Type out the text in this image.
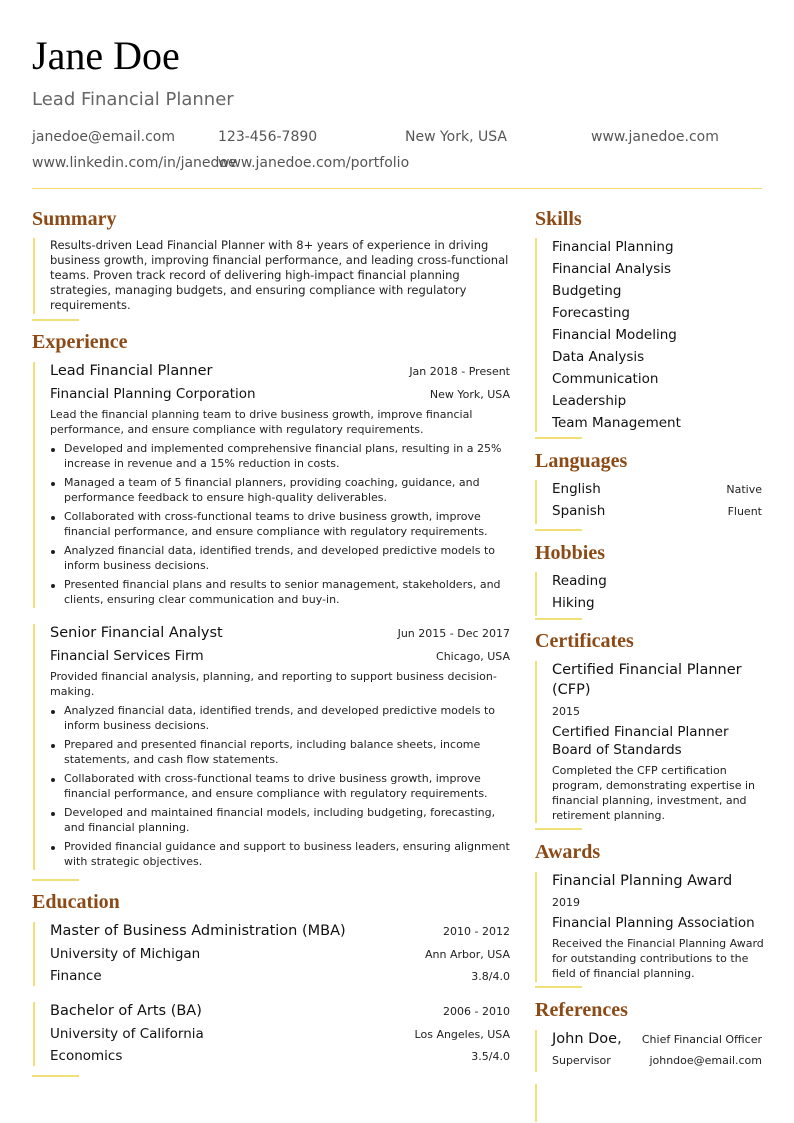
Jane Doe
Lead Financial Planner
janedoe@email.com	123-456-7890	New York, USA	www.janedoe.com
www.linkedin.com/in/janedoe
www.janedoe.com/portfolio
Summary
Results-driven Lead Financial Planner with 8+ years of experience in driving business growth, improving financial performance, and leading cross-functional teams. Proven track record of delivering high-impact financial planning strategies, managing budgets, and ensuring compliance with regulatory requirements.
Experience
Lead Financial Planner	Jan 2018 - Present
Financial Planning Corporation	New York, USA
Lead the financial planning team to drive business growth, improve financial performance, and ensure compliance with regulatory requirements.
Developed and implemented comprehensive financial plans, resulting in a 25% increase in revenue and a 15% reduction in costs.
Managed a team of 5 financial planners, providing coaching, guidance, and performance feedback to ensure high-quality deliverables.
Collaborated with cross-functional teams to drive business growth, improve financial performance, and ensure compliance with regulatory requirements.
Analyzed financial data, identified trends, and developed predictive models to inform business decisions.
Presented financial plans and results to senior management, stakeholders, and clients, ensuring clear communication and buy-in.
Senior Financial Analyst	Jun 2015 - Dec 2017
Financial Services Firm	Chicago, USA
Provided financial analysis, planning, and reporting to support business decision-making.
Analyzed financial data, identified trends, and developed predictive models to inform business decisions.
Prepared and presented financial reports, including balance sheets, income statements, and cash flow statements.
Collaborated with cross-functional teams to drive business growth, improve financial performance, and ensure compliance with regulatory requirements.
Developed and maintained financial models, including budgeting, forecasting, and financial planning.
Provided financial guidance and support to business leaders, ensuring alignment with strategic objectives.
Education
Master of Business Administration (MBA)	2010 - 2012
University of Michigan	Ann Arbor, USA
Finance	3.8/4.0
Bachelor of Arts (BA)	2006 - 2010
University of California	Los Angeles, USA
Economics	3.5/4.0
Skills
Financial Planning
Financial Analysis
Budgeting
Forecasting
Financial Modeling
Data Analysis
Communication
Leadership
Team Management
Languages
English	Native
Spanish	Fluent
Hobbies
Reading
Hiking
Certificates
Certified Financial Planner
(CFP)
2015
Certified Financial Planner
Board of Standards
Completed the CFP certification program, demonstrating expertise in financial planning, investment, and retirement planning.
Awards
Financial Planning Award
2019
Financial Planning Association
Received the Financial Planning Award for outstanding contributions to the field of financial planning.
References
John Doe, Chief Financial Officer
Supervisor	johndoe@email.com
